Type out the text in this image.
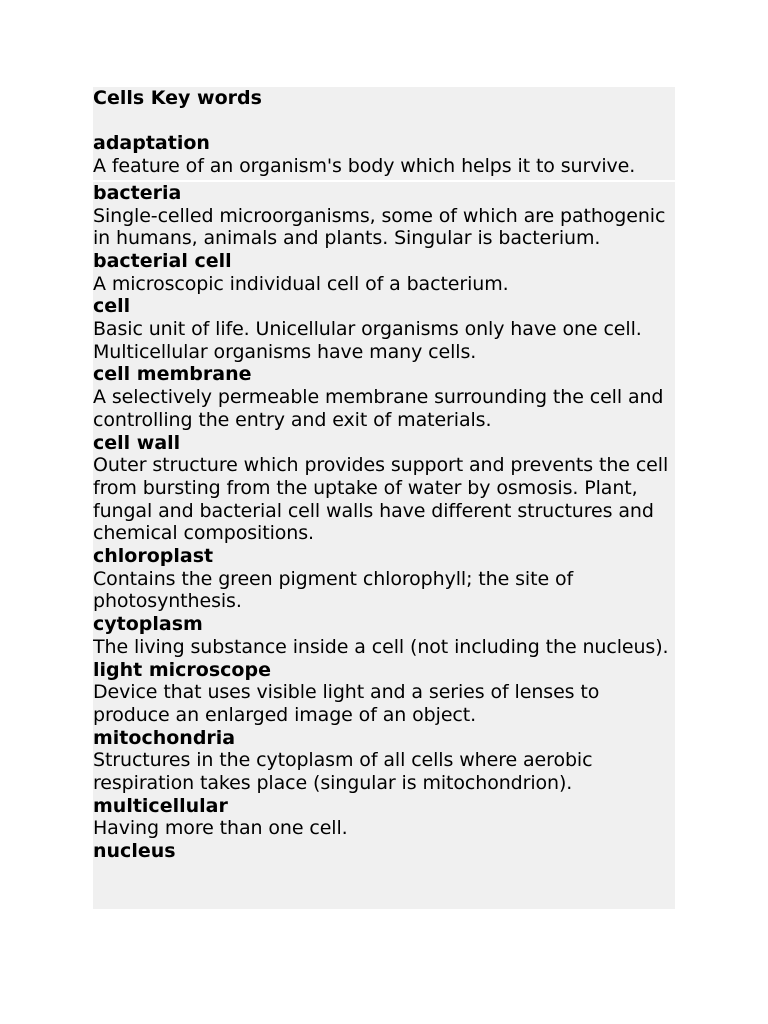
Cells Key words
adaptation
A feature of an organism's body which helps it to survive.
bacteria
Single-celled microorganisms, some of which are pathogenic in humans, animals and plants. Singular is bacterium.
bacterial cell
A microscopic individual cell of a bacterium.
cell
Basic unit of life. Unicellular organisms only have one cell. Multicellular organisms have many cells.
cell membrane
A selectively permeable membrane surrounding the cell and controlling the entry and exit of materials.
cell wall
Outer structure which provides support and prevents the cell from bursting from the uptake of water by osmosis. Plant, fungal and bacterial cell walls have different structures and chemical compositions.
chloroplast
Contains the green pigment chlorophyll; the site of photosynthesis.
cytoplasm
The living substance inside a cell (not including the nucleus).
light microscope
Device that uses visible light and a series of lenses to produce an enlarged image of an object.
mitochondria
Structures in the cytoplasm of all cells where aerobic respiration takes place (singular is mitochondrion).
multicellular
Having more than one cell.
nucleus
